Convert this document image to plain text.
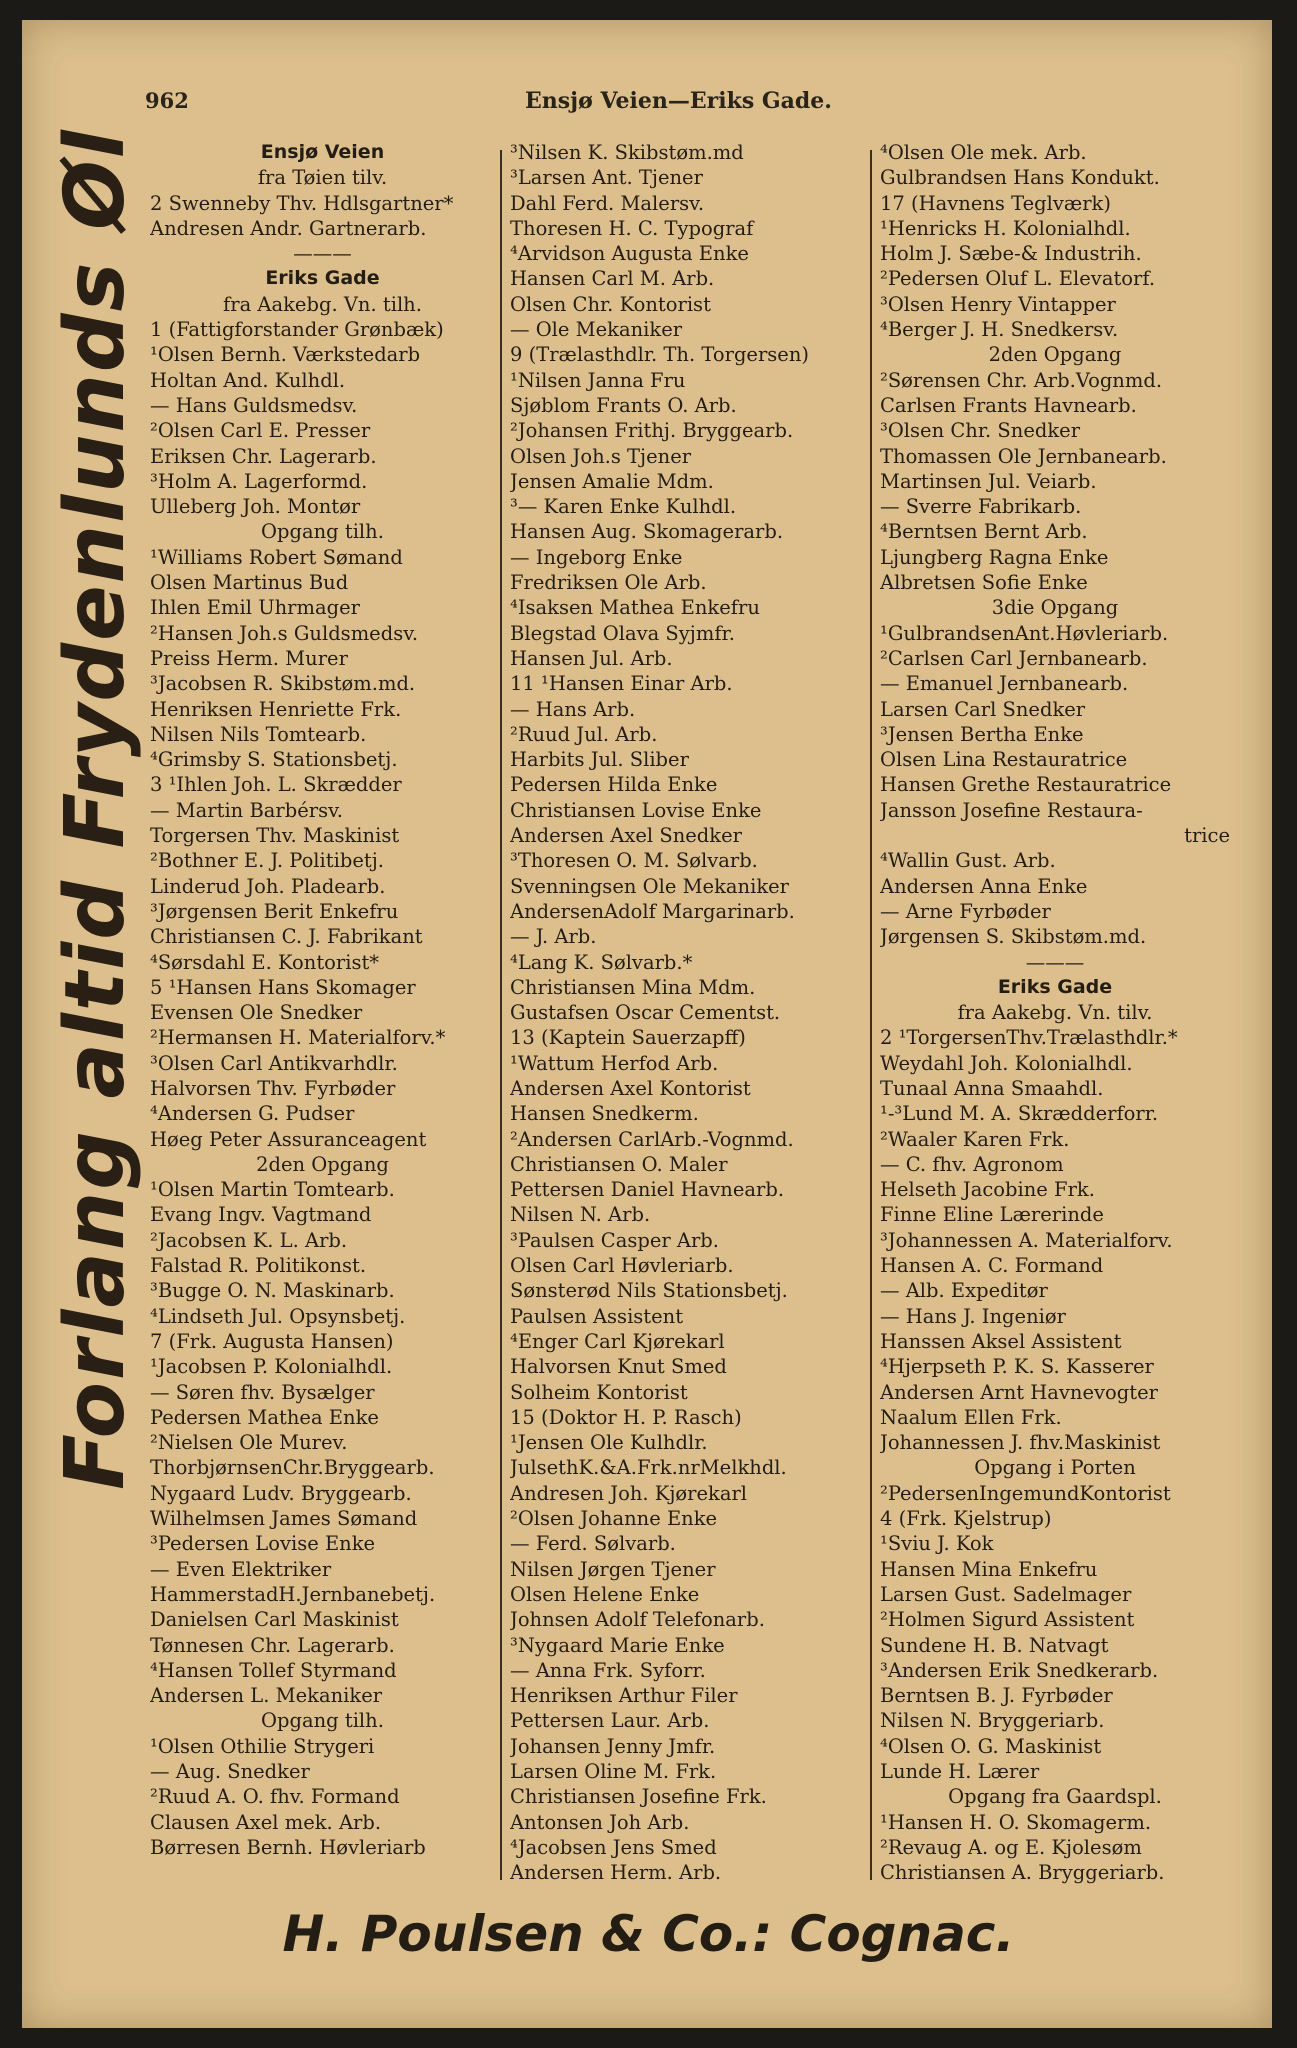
962	Ensjø Veien—Eriks Gade.
Forlang altid Frydenlunds Øl	Ensjø Veien
fra Tøien tilv.
2 Swenneby Thv. Hdlsgartner*
Andresen Andr. Gartnerarb.
———
Eriks Gade
fra Aakebg. Vn. tilh.
1 (Fattigforstander Grønbæk)
¹Olsen Bernh. Værkstedarb
Holtan And. Kulhdl.
— Hans Guldsmedsv.
²Olsen Carl E. Presser
Eriksen Chr. Lagerarb.
³Holm A. Lagerformd.
Ulleberg Joh. Montør
Opgang tilh.
¹Williams Robert Sømand
Olsen Martinus Bud
Ihlen Emil Uhrmager
²Hansen Joh.s Guldsmedsv.
Preiss Herm. Murer
³Jacobsen R. Skibstøm.md.
Henriksen Henriette Frk.
Nilsen Nils Tomtearb.
⁴Grimsby S. Stationsbetj.
3 ¹Ihlen Joh. L. Skrædder
— Martin Barbérsv.
Torgersen Thv. Maskinist
²Bothner E. J. Politibetj.
Linderud Joh. Pladearb.
³Jørgensen Berit Enkefru
Christiansen C. J. Fabrikant
⁴Sørsdahl E. Kontorist*
5 ¹Hansen Hans Skomager
Evensen Ole Snedker
²Hermansen H. Materialforv.*
³Olsen Carl Antikvarhdlr.
Halvorsen Thv. Fyrbøder
⁴Andersen G. Pudser
Høeg Peter Assuranceagent
2den Opgang
¹Olsen Martin Tomtearb.
Evang Ingv. Vagtmand
²Jacobsen K. L. Arb.
Falstad R. Politikonst.
³Bugge O. N. Maskinarb.
⁴Lindseth Jul. Opsynsbetj.
7 (Frk. Augusta Hansen)
¹Jacobsen P. Kolonialhdl.
— Søren fhv. Bysælger
Pedersen Mathea Enke
²Nielsen Ole Murev.
ThorbjørnsenChr.Bryggearb.
Nygaard Ludv. Bryggearb.
Wilhelmsen James Sømand
³Pedersen Lovise Enke
— Even Elektriker
HammerstadH.Jernbanebetj.
Danielsen Carl Maskinist
Tønnesen Chr. Lagerarb.
⁴Hansen Tollef Styrmand
Andersen L. Mekaniker
Opgang tilh.
¹Olsen Othilie Strygeri
— Aug. Snedker
²Ruud A. O. fhv. Formand
Clausen Axel mek. Arb.
Børresen Bernh. Høvleriarb
³Nilsen K. Skibstøm.md
³Larsen Ant. Tjener
Dahl Ferd. Malersv.
Thoresen H. C. Typograf
⁴Arvidson Augusta Enke
Hansen Carl M. Arb.
Olsen Chr. Kontorist
— Ole Mekaniker
9 (Trælasthdlr. Th. Torgersen)
¹Nilsen Janna Fru
Sjøblom Frants O. Arb.
²Johansen Frithj. Bryggearb.
Olsen Joh.s Tjener
Jensen Amalie Mdm.
³— Karen Enke Kulhdl.
Hansen Aug. Skomagerarb.
— Ingeborg Enke
Fredriksen Ole Arb.
⁴Isaksen Mathea Enkefru
Blegstad Olava Syjmfr.
Hansen Jul. Arb.
11 ¹Hansen Einar Arb.
— Hans Arb.
²Ruud Jul. Arb.
Harbits Jul. Sliber
Pedersen Hilda Enke
Christiansen Lovise Enke
Andersen Axel Snedker
³Thoresen O. M. Sølvarb.
Svenningsen Ole Mekaniker
AndersenAdolf Margarinarb.
— J. Arb.
⁴Lang K. Sølvarb.*
Christiansen Mina Mdm.
Gustafsen Oscar Cementst.
13 (Kaptein Sauerzapff)
¹Wattum Herfod Arb.
Andersen Axel Kontorist
Hansen Snedkerm.
²Andersen CarlArb.-Vognmd.
Christiansen O. Maler
Pettersen Daniel Havnearb.
Nilsen N. Arb.
³Paulsen Casper Arb.
Olsen Carl Høvleriarb.
Sønsterød Nils Stationsbetj.
Paulsen Assistent
⁴Enger Carl Kjørekarl
Halvorsen Knut Smed
Solheim Kontorist
15 (Doktor H. P. Rasch)
¹Jensen Ole Kulhdlr.
JulsethK.&A.Frk.nrMelkhdl.
Andresen Joh. Kjørekarl
²Olsen Johanne Enke
— Ferd. Sølvarb.
Nilsen Jørgen Tjener
Olsen Helene Enke
Johnsen Adolf Telefonarb.
³Nygaard Marie Enke
— Anna Frk. Syforr.
Henriksen Arthur Filer
Pettersen Laur. Arb.
Johansen Jenny Jmfr.
Larsen Oline M. Frk.
Christiansen Josefine Frk.
Antonsen Joh Arb.
⁴Jacobsen Jens Smed
Andersen Herm. Arb.
⁴Olsen Ole mek. Arb.
Gulbrandsen Hans Kondukt.
17 (Havnens Teglværk)
¹Henricks H. Kolonialhdl.
Holm J. Sæbe-& Industrih.
²Pedersen Oluf L. Elevatorf.
³Olsen Henry Vintapper
⁴Berger J. H. Snedkersv.
2den Opgang
²Sørensen Chr. Arb.Vognmd.
Carlsen Frants Havnearb.
³Olsen Chr. Snedker
Thomassen Ole Jernbanearb.
Martinsen Jul. Veiarb.
— Sverre Fabrikarb.
⁴Berntsen Bernt Arb.
Ljungberg Ragna Enke
Albretsen Sofie Enke
3die Opgang
¹GulbrandsenAnt.Høvleriarb.
²Carlsen Carl Jernbanearb.
— Emanuel Jernbanearb.
Larsen Carl Snedker
³Jensen Bertha Enke
Olsen Lina Restauratrice
Hansen Grethe Restauratrice
Jansson Josefine Restaura-
trice
⁴Wallin Gust. Arb.
Andersen Anna Enke
— Arne Fyrbøder
Jørgensen S. Skibstøm.md.
———
Eriks Gade
fra Aakebg. Vn. tilv.
2 ¹TorgersenThv.Trælasthdlr.*
Weydahl Joh. Kolonialhdl.
Tunaal Anna Smaahdl.
¹-³Lund M. A. Skrædderforr.
²Waaler Karen Frk.
— C. fhv. Agronom
Helseth Jacobine Frk.
Finne Eline Lærerinde
³Johannessen A. Materialforv.
Hansen A. C. Formand
— Alb. Expeditør
— Hans J. Ingeniør
Hanssen Aksel Assistent
⁴Hjerpseth P. K. S. Kasserer
Andersen Arnt Havnevogter
Naalum Ellen Frk.
Johannessen J. fhv.Maskinist
Opgang i Porten
²PedersenIngemundKontorist
4 (Frk. Kjelstrup)
¹Sviu J. Kok
Hansen Mina Enkefru
Larsen Gust. Sadelmager
²Holmen Sigurd Assistent
Sundene H. B. Natvagt
³Andersen Erik Snedkerarb.
Berntsen B. J. Fyrbøder
Nilsen N. Bryggeriarb.
⁴Olsen O. G. Maskinist
Lunde H. Lærer
Opgang fra Gaardspl.
¹Hansen H. O. Skomagerm.
²Revaug A. og E. Kjolesøm
Christiansen A. Bryggeriarb.
H. Poulsen & Co.: Cognac.
